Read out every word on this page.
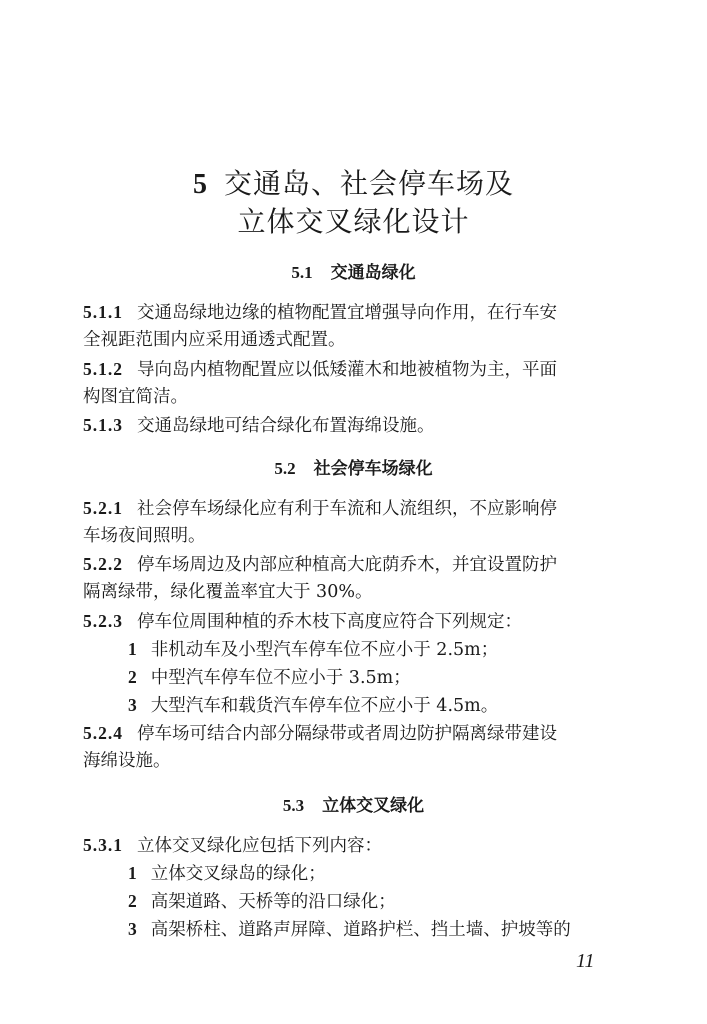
5 交通岛、社会停车场及
立体交叉绿化设计
5.1 交通岛绿化
5.1.1 交通岛绿地边缘的植物配置宜增强导向作用，在行车安
全视距范围内应采用通透式配置。
5.1.2 导向岛内植物配置应以低矮灌木和地被植物为主，平面
构图宜简洁。
5.1.3 交通岛绿地可结合绿化布置海绵设施。
5.2 社会停车场绿化
5.2.1 社会停车场绿化应有利于车流和人流组织，不应影响停
车场夜间照明。
5.2.2 停车场周边及内部应种植高大庇荫乔木，并宜设置防护
隔离绿带，绿化覆盖率宜大于 30%。
5.2.3 停车位周围种植的乔木枝下高度应符合下列规定：
1 非机动车及小型汽车停车位不应小于 2.5m；
2 中型汽车停车位不应小于 3.5m；
3 大型汽车和载货汽车停车位不应小于 4.5m。
5.2.4 停车场可结合内部分隔绿带或者周边防护隔离绿带建设
海绵设施。
5.3 立体交叉绿化
5.3.1 立体交叉绿化应包括下列内容：
1 立体交叉绿岛的绿化；
2 高架道路、天桥等的沿口绿化；
3 高架桥柱、道路声屏障、道路护栏、挡土墙、护坡等的
11
